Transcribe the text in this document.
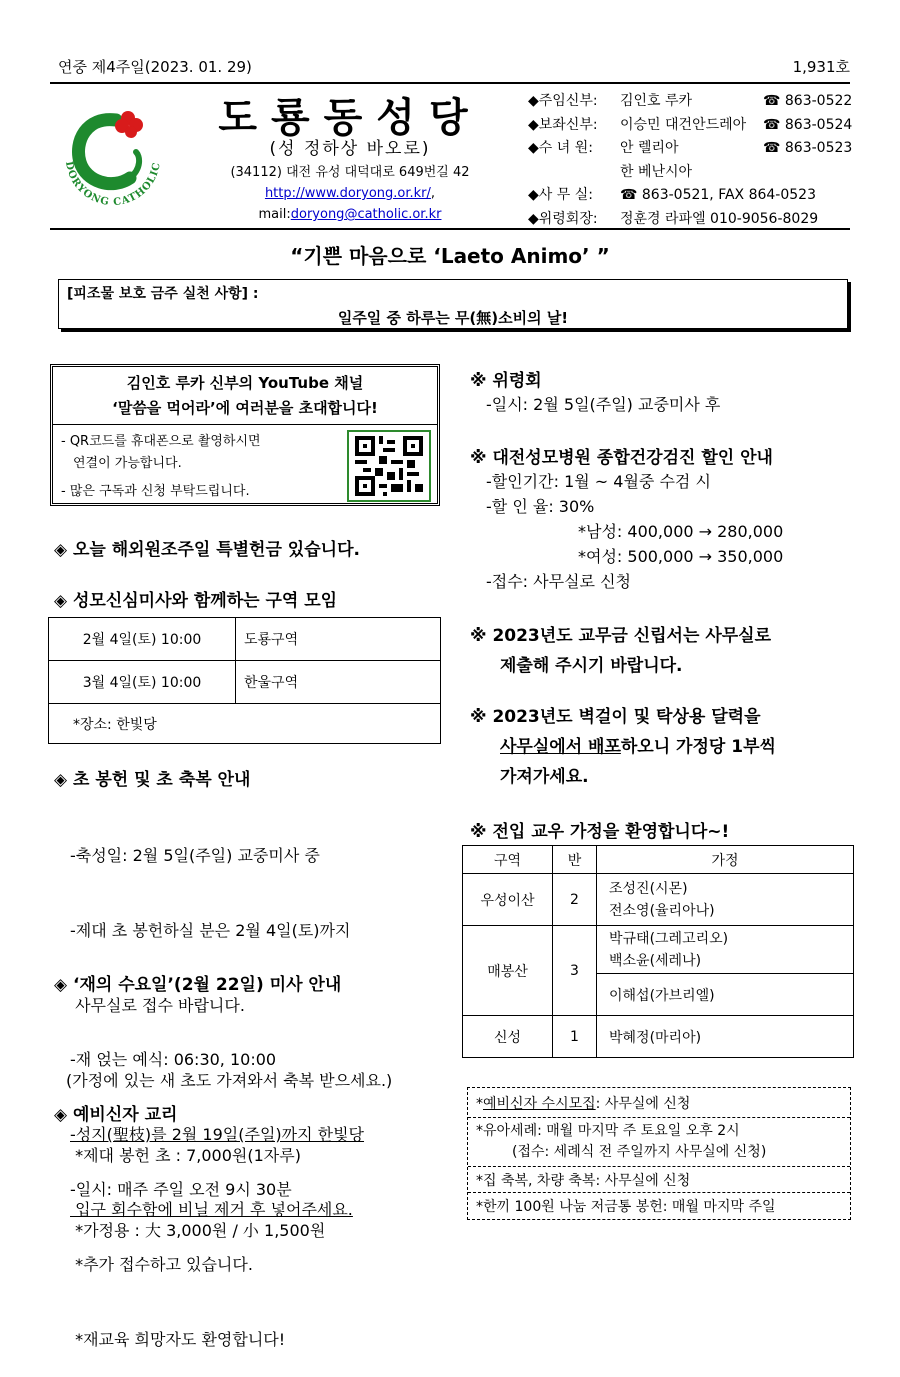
연중 제4주일(2023. 01. 29)	1,931호
DORYONG CATHOLIC
도룡동성당
(성 정하상 바오로)
(34112) 대전 유성 대덕대로 649번길 42
http://www.doryong.or.kr/,
mail:doryong@catholic.or.kr
◆주임신부:	김인호 루카	☎ 863-0522
◆보좌신부:	이승민 대건안드레아	☎ 863-0524
◆수 녀 원:	안 렐리아	☎ 863-0523
한 베난시아
◆사 무 실:	☎ 863-0521, FAX 864-0523
◆위령회장:	정훈경 라파엘 010-9056-8029
“기쁜 마음으로 ‘Laeto Animo’ ”
[피조물 보호 금주 실천 사항] :
일주일 중 하루는 무(無)소비의 날!
김인호 루카 신부의 YouTube 채널
‘말씀을 먹어라’에 여러분을 초대합니다!
- QR코드를 휴대폰으로 촬영하시면
연결이 가능합니다.
- 많은 구독과 신청 부탁드립니다.
◈ 오늘 해외원조주일 특별헌금 있습니다.
◈ 성모신심미사와 함께하는 구역 모임
2월 4일(토) 10:00	도룡구역
3월 4일(토) 10:00	한울구역
*장소: 한빛당	
◈ 초 봉헌 및 초 축복 안내

-축성일: 2월 5일(주일) 교중미사 중

-제대 초 봉헌하실 분은 2월 4일(토)까지

사무실로 접수 바랍니다.

(가정에 있는 새 초도 가져와서 축복 받으세요.)

*제대 봉헌 초 : 7,000원(1자루)

*가정용 : 大 3,000원 / 小 1,500원

◈ ‘재의 수요일’(2월 22일) 미사 안내

-재 얹는 예식: 06:30, 10:00

-성지(聖枝)를 2월 19일(주일)까지 한빛당

입구 회수함에 비닐 제거 후 넣어주세요.

◈ 예비신자 교리

-일시: 매주 주일 오전 9시 30분

*추가 접수하고 있습니다.

*재교육 희망자도 환영합니다!

※ 위령회
-일시: 2월 5일(주일) 교중미사 후
※ 대전성모병원 종합건강검진 할인 안내
-할인기간: 1월 ~ 4월중 수검 시
-할 인 율: 30%
*남성: 400,000 → 280,000
*여성: 500,000 → 350,000
-접수: 사무실로 신청
※ 2023년도 교무금 신립서는 사무실로
제출해 주시기 바랍니다.
※ 2023년도 벽걸이 및 탁상용 달력을
사무실에서 배포하오니 가정당 1부씩
가져가세요.
※ 전입 교우 가정을 환영합니다~!
구역	반	가정
우성이산	2	조성진(시몬)
전소영(율리아나)

매봉산	3	박규태(그레고리오)
백소윤(세레나)

		이해섭(가브리엘)
신성	1	박혜정(마리아)
*예비신자 수시모집: 사무실에 신청
*유아세례: 매월 마지막 주 토요일 오후 2시
(접수: 세례식 전 주일까지 사무실에 신청)
*집 축복, 차량 축복: 사무실에 신청
*한끼 100원 나눔 저금통 봉헌: 매월 마지막 주일
